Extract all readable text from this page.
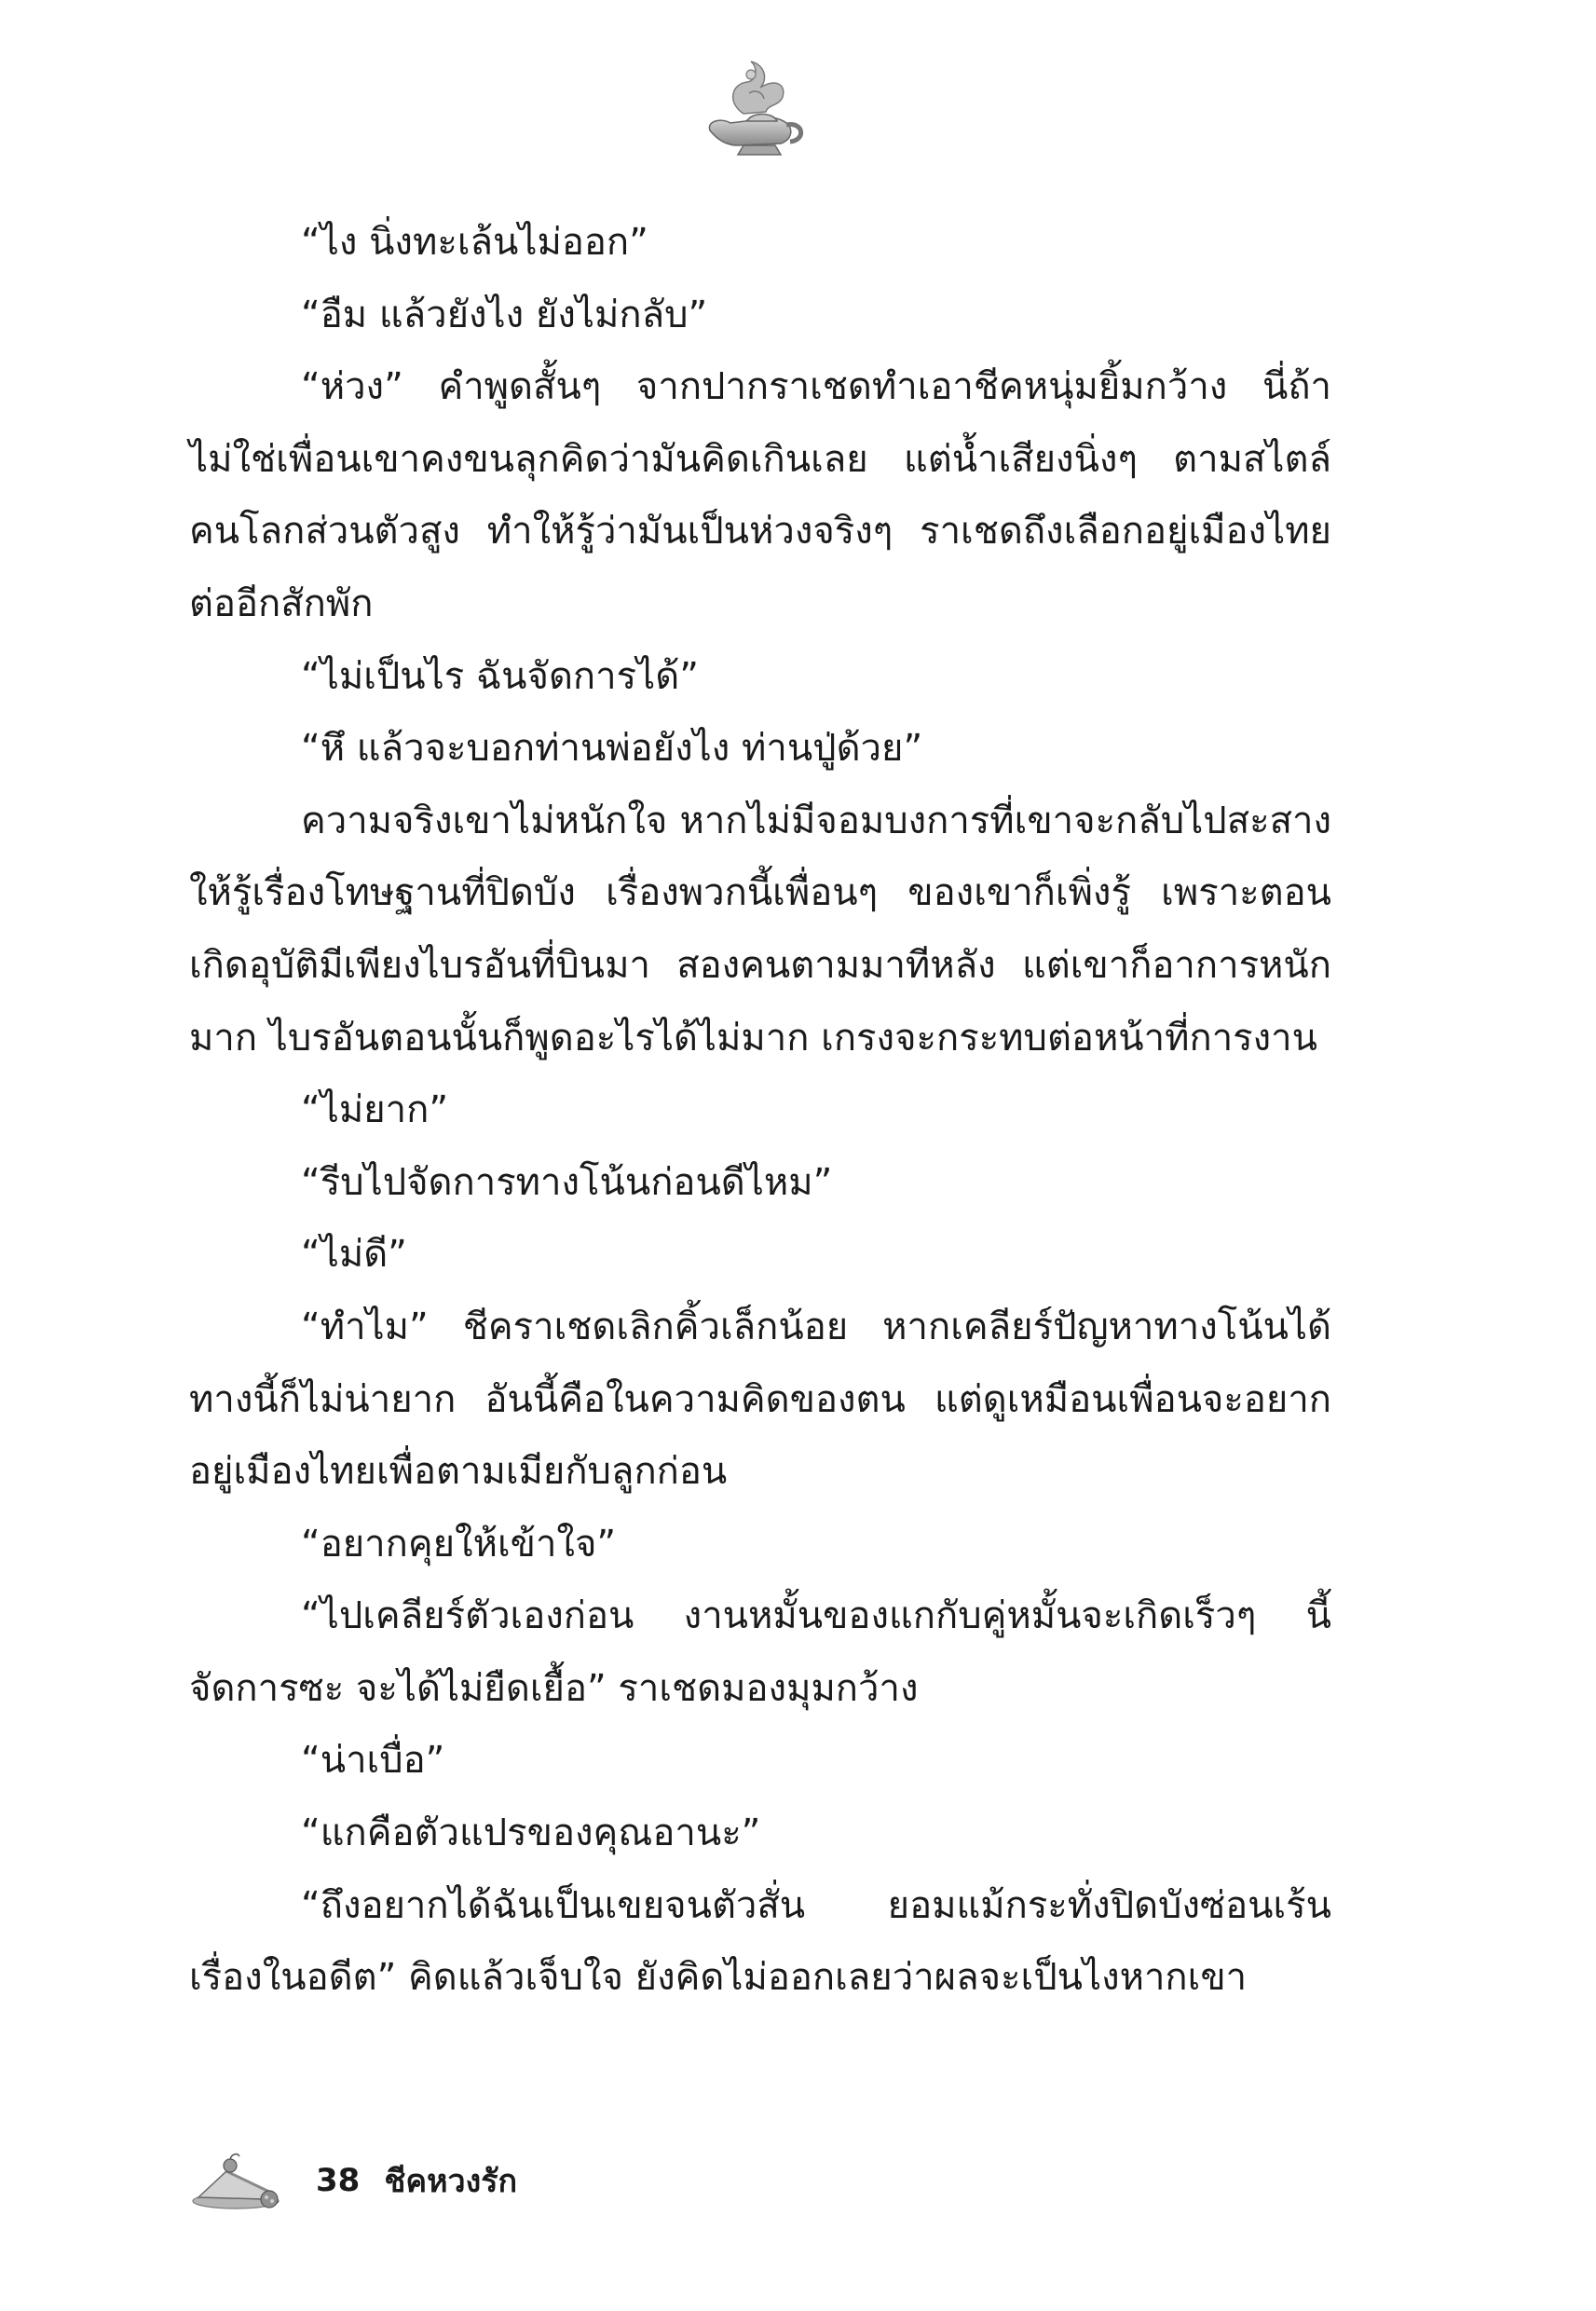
“ไง นิ่งทะเล้นไม่ออก”

“อืม แล้วยังไง ยังไม่กลับ”

“ห่วง” คำพูดสั้นๆ จากปากราเชดทำเอาชีคหนุ่มยิ้มกว้าง นี่ถ้าไม่ใช่เพื่อนเขาคงขนลุกคิดว่ามันคิดเกินเลย แต่น้ำเสียงนิ่งๆ ตามสไตล์คนโลกส่วนตัวสูง ทำให้รู้ว่ามันเป็นห่วงจริงๆ ราเชดถึงเลือกอยู่เมืองไทยต่ออีกสักพัก

“ไม่เป็นไร ฉันจัดการได้”

“หึ แล้วจะบอกท่านพ่อยังไง ท่านปู่ด้วย”

ความจริงเขาไม่หนักใจ หากไม่มีจอมบงการที่เขาจะกลับไปสะสางให้รู้เรื่องโทษฐานที่ปิดบัง เรื่องพวกนี้เพื่อนๆ ของเขาก็เพิ่งรู้ เพราะตอนเกิดอุบัติมีเพียงไบรอันที่บินมา สองคนตามมาทีหลัง แต่เขาก็อาการหนักมาก ไบรอันตอนนั้นก็พูดอะไรได้ไม่มาก เกรงจะกระทบต่อหน้าที่การงาน

“ไม่ยาก”

“รีบไปจัดการทางโน้นก่อนดีไหม”

“ไม่ดี”

“ทำไม” ชีคราเชดเลิกคิ้วเล็กน้อย หากเคลียร์ปัญหาทางโน้นได้ทางนี้ก็ไม่น่ายาก อันนี้คือในความคิดของตน แต่ดูเหมือนเพื่อนจะอยากอยู่เมืองไทยเพื่อตามเมียกับลูกก่อน

“อยากคุยให้เข้าใจ”

“ไปเคลียร์ตัวเองก่อน งานหมั้นของแกกับคู่หมั้นจะเกิดเร็วๆ นี้จัดการซะ จะได้ไม่ยืดเยื้อ” ราเชดมองมุมกว้าง

“น่าเบื่อ”

“แกคือตัวแปรของคุณอานะ”

“ถึงอยากได้ฉันเป็นเขยจนตัวสั่น ยอมแม้กระทั่งปิดบังซ่อนเร้นเรื่องในอดีต” คิดแล้วเจ็บใจ ยังคิดไม่ออกเลยว่าผลจะเป็นไงหากเขา

38 ชีคหวงรัก
